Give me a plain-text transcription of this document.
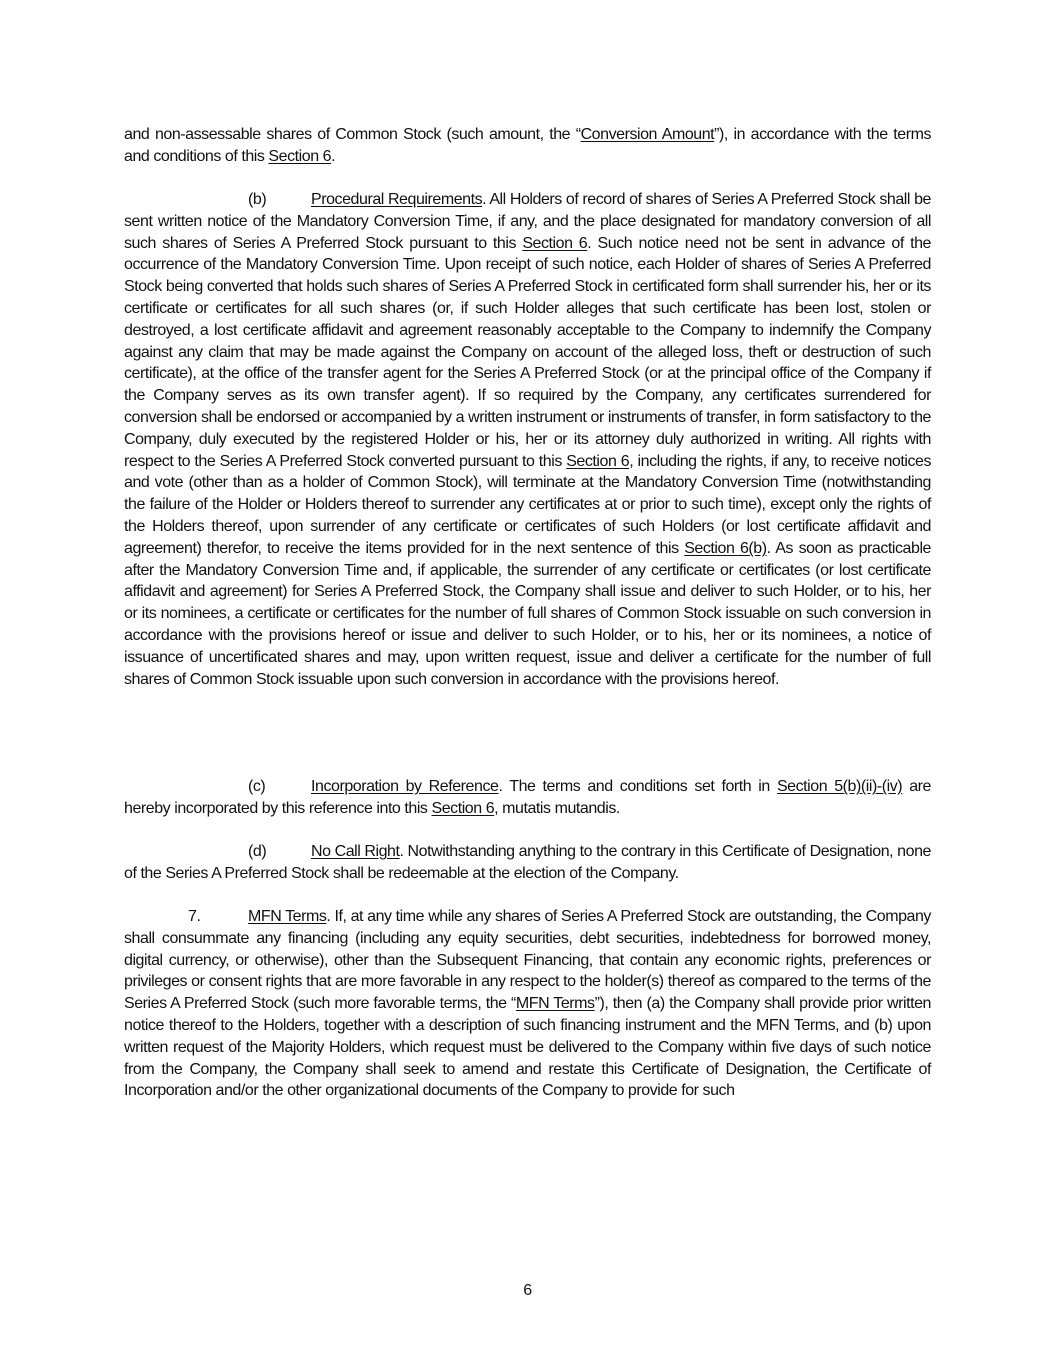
and non-assessable shares of Common Stock (such amount, the “Conversion Amount”), in accordance with the terms and conditions of this Section 6.

(b)	Procedural Requirements. All Holders of record of shares of Series A Preferred Stock shall be sent written notice of the Mandatory Conversion Time, if any, and the place designated for mandatory conversion of all such shares of Series A Preferred Stock pursuant to this Section 6. Such notice need not be sent in advance of the occurrence of the Mandatory Conversion Time. Upon receipt of such notice, each Holder of shares of Series A Preferred Stock being converted that holds such shares of Series A Preferred Stock in certificated form shall surrender his, her or its certificate or certificates for all such shares (or, if such Holder alleges that such certificate has been lost, stolen or destroyed, a lost certificate affidavit and agreement reasonably acceptable to the Company to indemnify the Company against any claim that may be made against the Company on account of the alleged loss, theft or destruction of such certificate), at the office of the transfer agent for the Series A Preferred Stock (or at the principal office of the Company if the Company serves as its own transfer agent). If so required by the Company, any certificates surrendered for conversion shall be endorsed or accompanied by a written instrument or instruments of transfer, in form satisfactory to the Company, duly executed by the registered Holder or his, her or its attorney duly authorized in writing. All rights with respect to the Series A Preferred Stock converted pursuant to this Section 6, including the rights, if any, to receive notices and vote (other than as a holder of Common Stock), will terminate at the Mandatory Conversion Time (notwithstanding the failure of the Holder or Holders thereof to surrender any certificates at or prior to such time), except only the rights of the Holders thereof, upon surrender of any certificate or certificates of such Holders (or lost certificate affidavit and agreement) therefor, to receive the items provided for in the next sentence of this Section 6(b). As soon as practicable after the Mandatory Conversion Time and, if applicable, the surrender of any certificate or certificates (or lost certificate affidavit and agreement) for Series A Preferred Stock, the Company shall issue and deliver to such Holder, or to his, her or its nominees, a certificate or certificates for the number of full shares of Common Stock issuable on such conversion in accordance with the provisions hereof or issue and deliver to such Holder, or to his, her or its nominees, a notice of issuance of uncertificated shares and may, upon written request, issue and deliver a certificate for the number of full shares of Common Stock issuable upon such conversion in accordance with the provisions hereof.

(c)	Incorporation by Reference. The terms and conditions set forth in Section 5(b)(ii)-(iv) are hereby incorporated by this reference into this Section 6, mutatis mutandis.

(d)	No Call Right. Notwithstanding anything to the contrary in this Certificate of Designation, none of the Series A Preferred Stock shall be redeemable at the election of the Company.

7.	MFN Terms. If, at any time while any shares of Series A Preferred Stock are outstanding, the Company shall consummate any financing (including any equity securities, debt securities, indebtedness for borrowed money, digital currency, or otherwise), other than the Subsequent Financing, that contain any economic rights, preferences or privileges or consent rights that are more favorable in any respect to the holder(s) thereof as compared to the terms of the Series A Preferred Stock (such more favorable terms, the “MFN Terms”), then (a) the Company shall provide prior written notice thereof to the Holders, together with a description of such financing instrument and the MFN Terms, and (b) upon written request of the Majority Holders, which request must be delivered to the Company within five days of such notice from the Company, the Company shall seek to amend and restate this Certificate of Designation, the Certificate of Incorporation and/or the other organizational documents of the Company to provide for such

6
